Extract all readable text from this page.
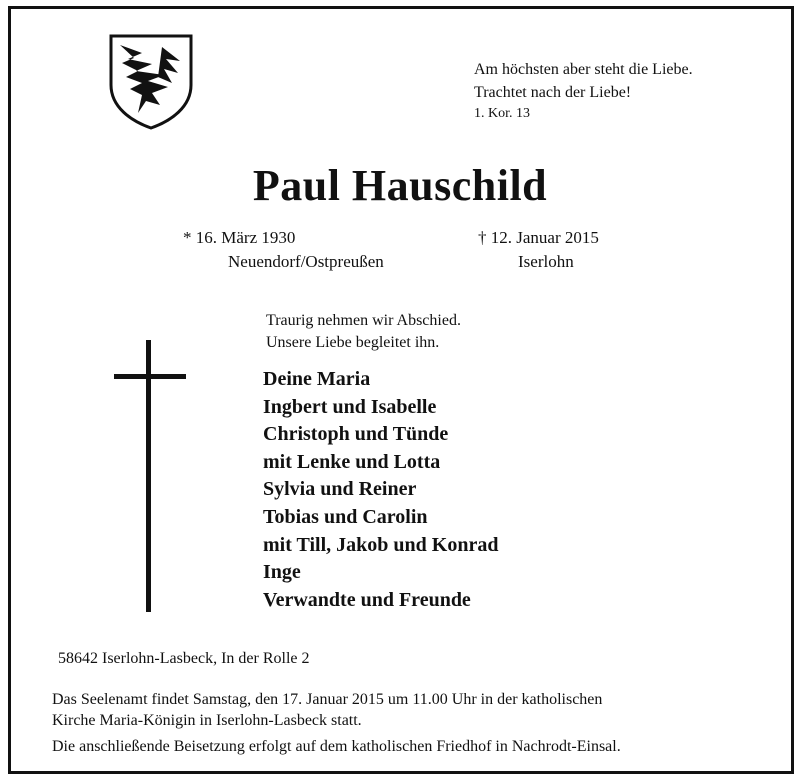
Am höchsten aber steht die Liebe.
Trachtet nach der Liebe!
1. Kor. 13
Paul Hauschild
* 16. März 1930
Neuendorf/Ostpreußen
† 12. Januar 2015
Iserlohn
Traurig nehmen wir Abschied.
Unsere Liebe begleitet ihn.
Deine Maria
Ingbert und Isabelle
Christoph und Tünde
mit Lenke und Lotta
Sylvia und Reiner
Tobias und Carolin
mit Till, Jakob und Konrad
Inge
Verwandte und Freunde
58642 Iserlohn-Lasbeck, In der Rolle 2
Das Seelenamt findet Samstag, den 17. Januar 2015 um 11.00 Uhr in der katholischen
Kirche Maria-Königin in Iserlohn-Lasbeck statt.
Die anschließende Beisetzung erfolgt auf dem katholischen Friedhof in Nachrodt-Einsal.
